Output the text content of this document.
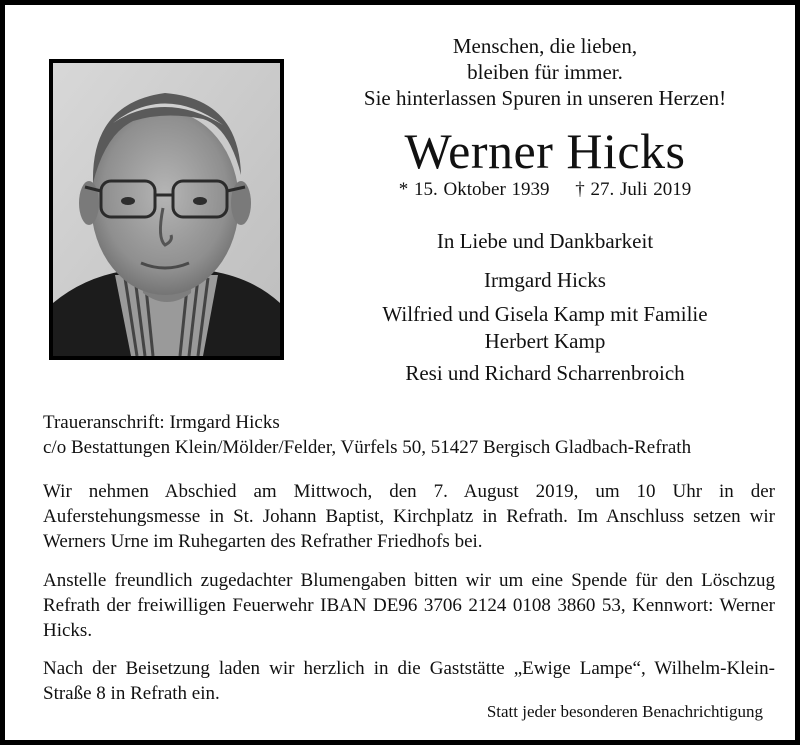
Menschen, die lieben,
bleiben für immer.
Sie hinterlassen Spuren in unseren Herzen!
Werner Hicks
* 15. Oktober 1939 † 27. Juli 2019
In Liebe und Dankbarkeit
Irmgard Hicks
Wilfried und Gisela Kamp mit Familie
Herbert Kamp
Resi und Richard Scharrenbroich
Traueranschrift: Irmgard Hicks
c/o Bestattungen Klein/Mölder/Felder, Vürfels 50, 51427 Bergisch Gladbach-Refrath
Wir nehmen Abschied am Mittwoch, den 7. August 2019, um 10 Uhr in der Auferstehungsmesse in St. Johann Baptist, Kirchplatz in Refrath. Im Anschluss setzen wir Werners Urne im Ruhegarten des Refrather Friedhofs bei.
Anstelle freundlich zugedachter Blumengaben bitten wir um eine Spende für den Löschzug Refrath der freiwilligen Feuerwehr IBAN DE96 3706 2124 0108 3860 53, Kennwort: Werner Hicks.
Nach der Beisetzung laden wir herzlich in die Gaststätte „Ewige Lampe“, Wilhelm-Klein-Straße 8 in Refrath ein.
Statt jeder besonderen Benachrichtigung
